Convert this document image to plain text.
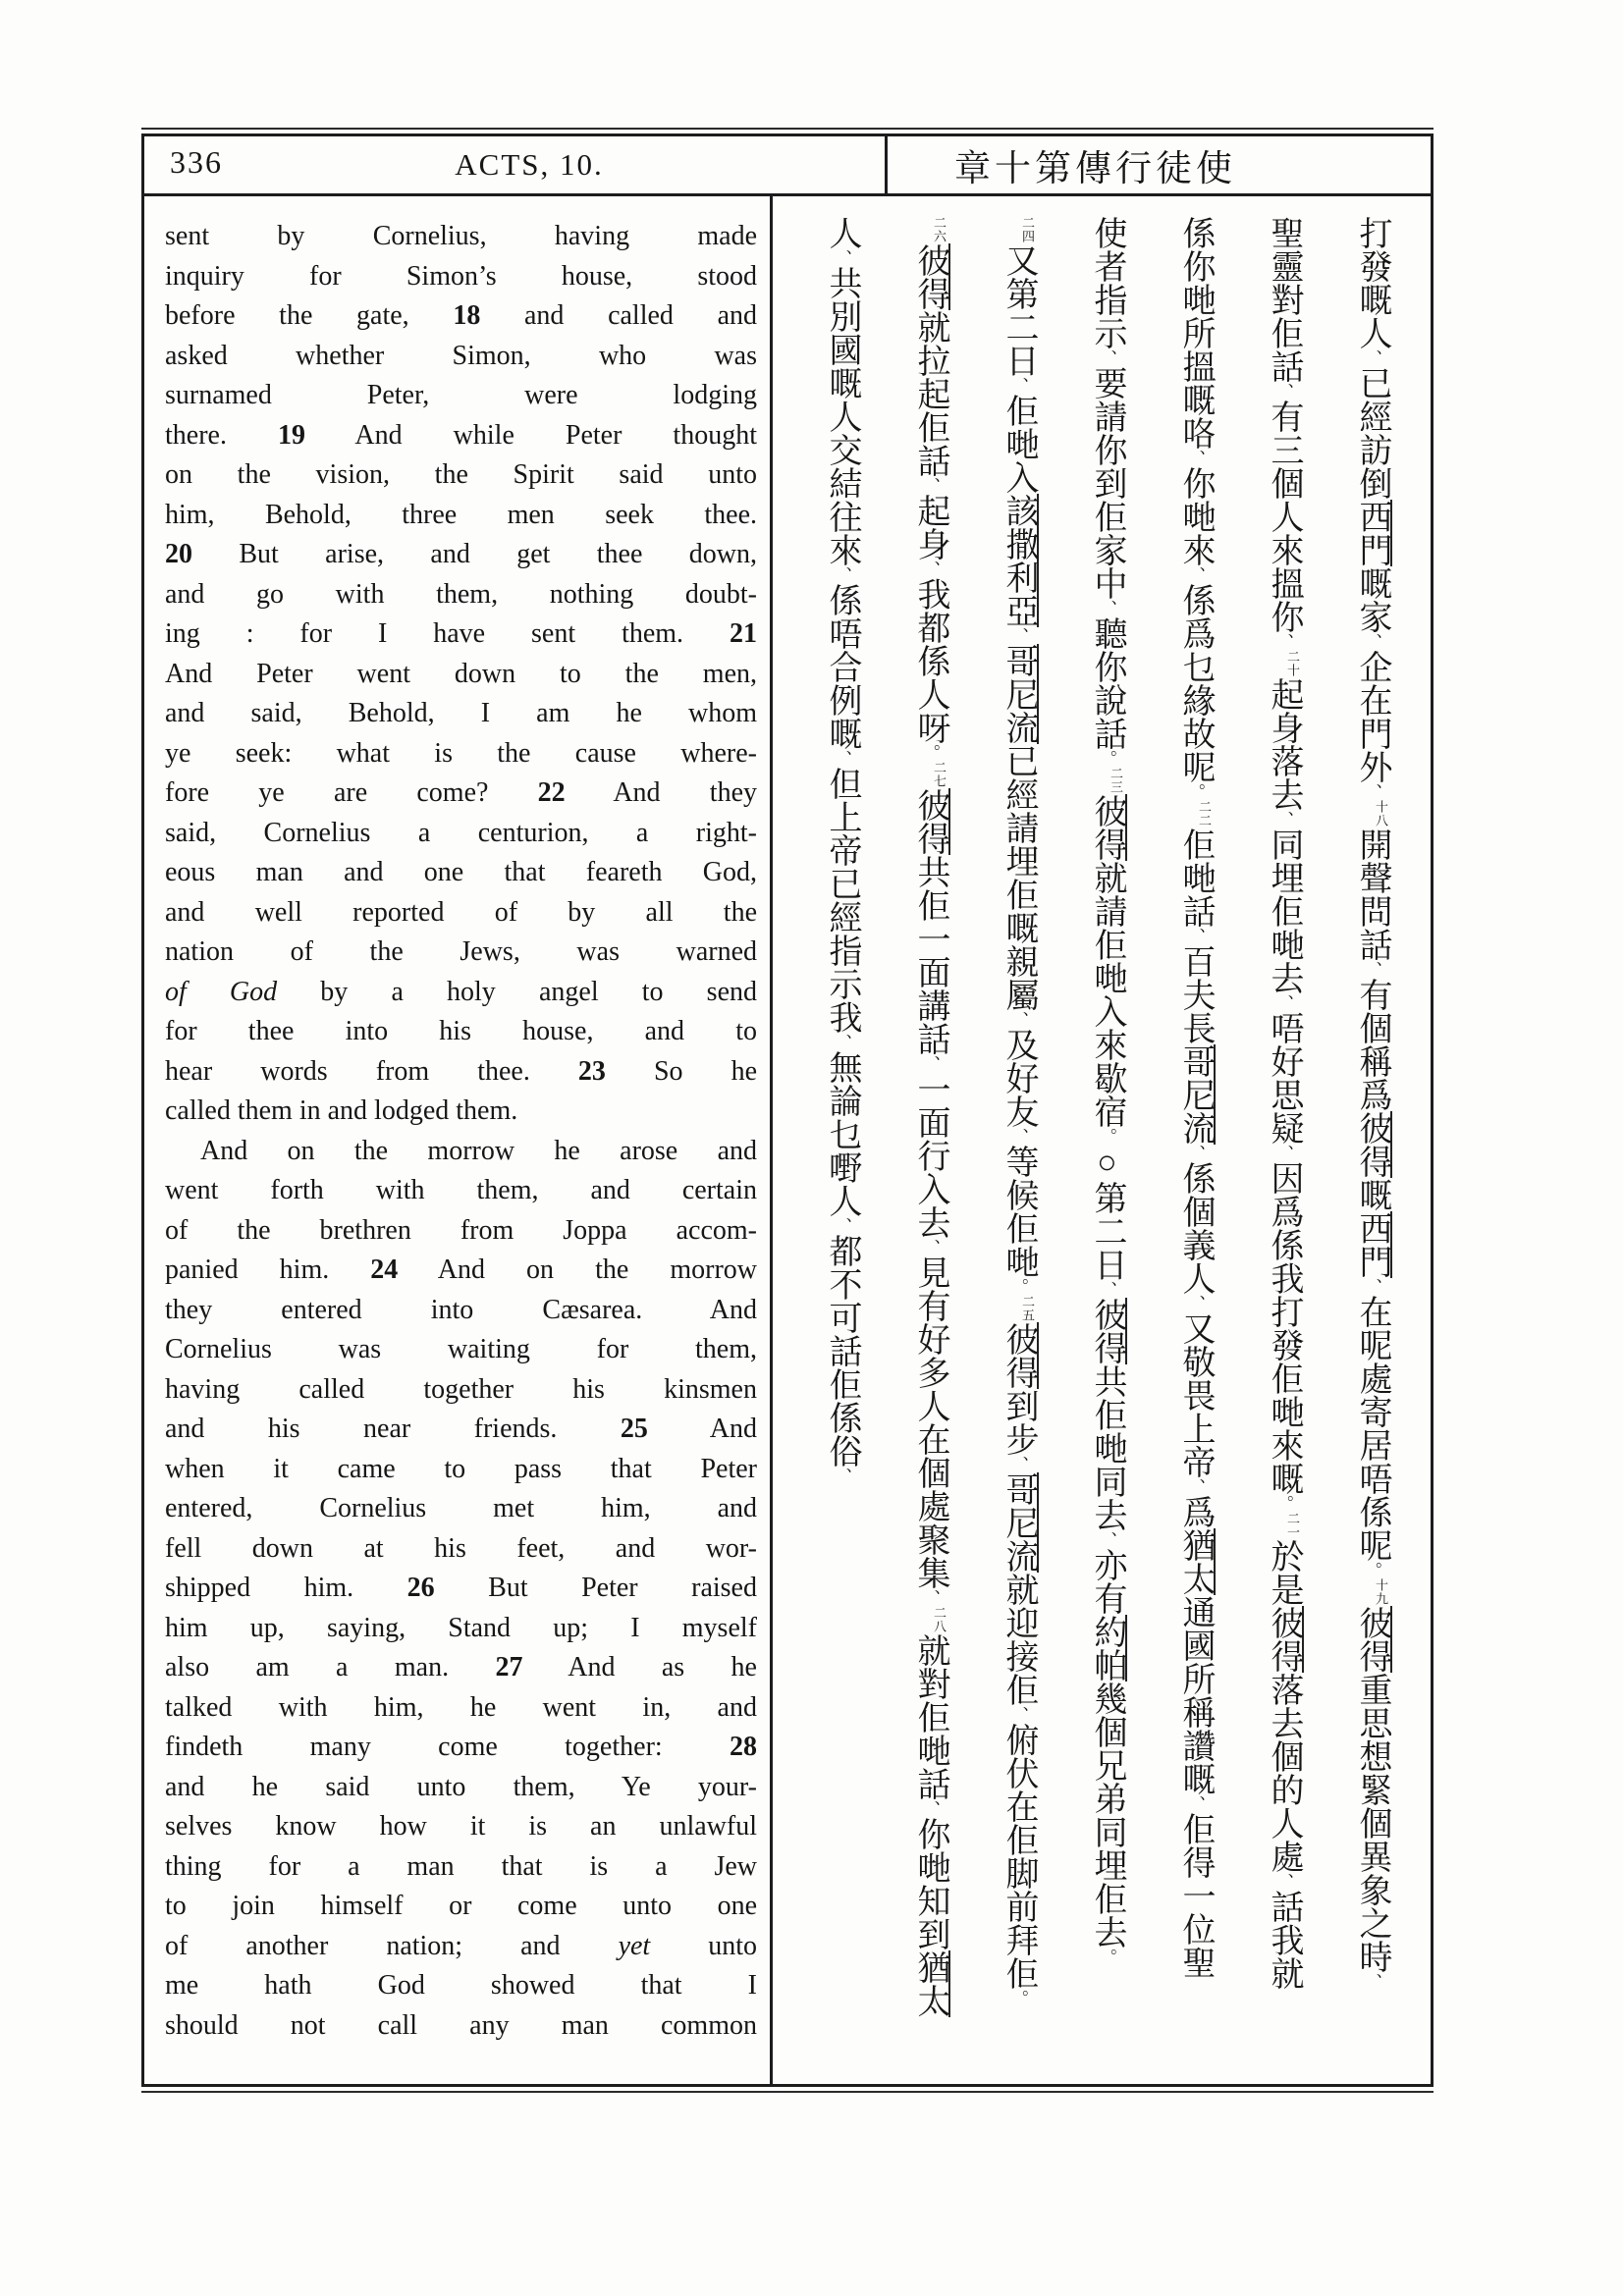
336	ACTS, 10.	章十第傳行徒使
sent by Cornelius, having made
inquiry for Simon’s house, stood
before the gate, 18 and called and
asked whether Simon, who was
surnamed Peter, were lodging
there. 19 And while Peter thought
on the vision, the Spirit said unto
him, Behold, three men seek thee.
20 But arise, and get thee down,
and go with them, nothing doubt-
ing : for I have sent them. 21
And Peter went down to the men,
and said, Behold, I am he whom
ye seek: what is the cause where-
fore ye are come? 22 And they
said, Cornelius a centurion, a right-
eous man and one that feareth God,
and well reported of by all the
nation of the Jews, was warned
of God by a holy angel to send
for thee into his house, and to
hear words from thee. 23 So he
called them in and lodged them.
And on the morrow he arose and
went forth with them, and certain
of the brethren from Joppa accom-
panied him. 24 And on the morrow
they entered into Cæsarea. And
Cornelius was waiting for them,
having called together his kinsmen
and his near friends. 25 And
when it came to pass that Peter
entered, Cornelius met him, and
fell down at his feet, and wor-
shipped him. 26 But Peter raised
him up, saying, Stand up; I myself
also am a man. 27 And as he
talked with him, he went in, and
findeth many come together: 28
and he said unto them, Ye your-
selves know how it is an unlawful
thing for a man that is a Jew
to join himself or come unto one
of another nation; and yet unto
me hath God showed that I
should not call any man common
打發嘅人、已經訪倒西門嘅家、企在門外、十八開聲問話、有個稱爲彼得嘅西門、在呢處寄居唔係呢。十九彼得重思想緊個異象之時、
聖靈對佢話、有三個人來搵你、二十起身落去、同埋佢哋去、唔好思疑、因爲係我打發佢哋來嘅。二一於是彼得落去個的人處、話我就
係你哋所搵嘅咯、你哋來、係爲乜緣故呢。二二佢哋話、百夫長哥尼流、係個義人、又敬畏上帝、爲猶太通國所稱讚嘅、佢得一位聖
使者指示、要請你到佢家中、聽你說話。二三彼得就請佢哋入來歇宿。○第二日、彼得共佢哋同去、亦有約帕幾個兄弟同埋佢去。
二四又第二日、佢哋入該撒利亞、哥尼流已經請埋佢嘅親屬、及好友、等候佢哋。二五彼得到步、哥尼流就迎接佢、俯伏在佢脚前拜佢。
二六彼得就拉起佢話、起身、我都係人呀。二七彼得共佢一面講話、一面行入去、見有好多人在個處聚集、二八就對佢哋話、你哋知到猶太
人、共別國嘅人交結往來、係唔合例嘅、但上帝已經指示我、無論乜嘢人、都不可話佢係俗、
